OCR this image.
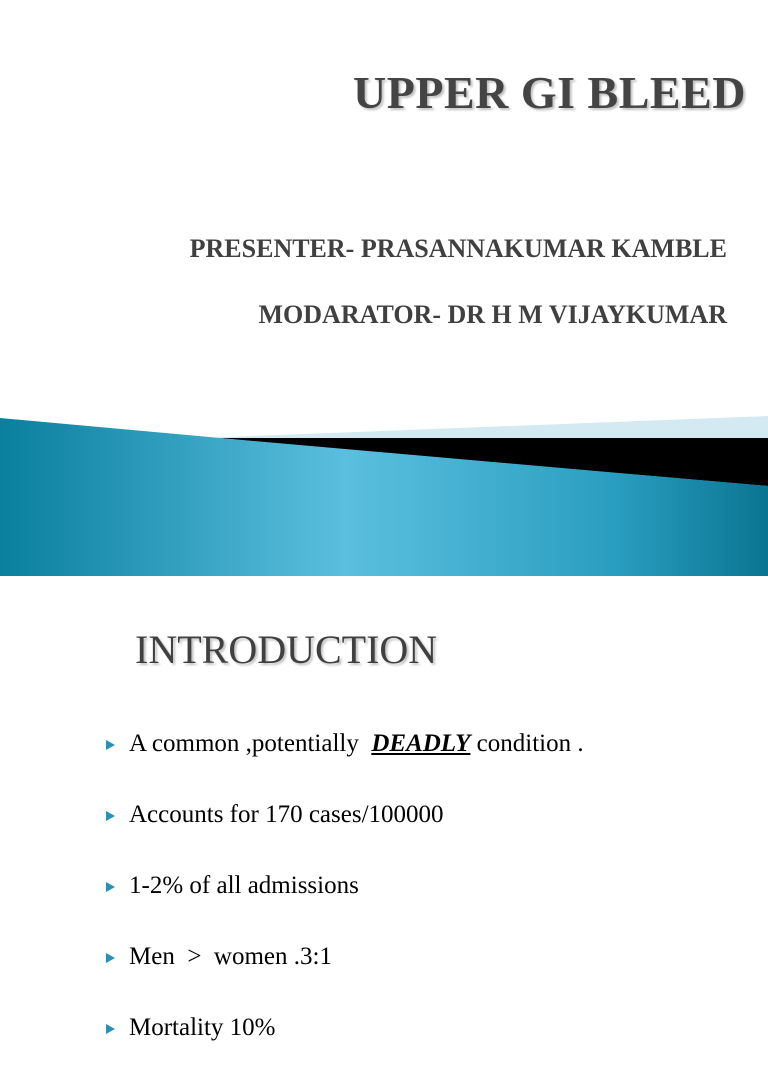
UPPER GI BLEED

PRESENTER- PRASANNAKUMAR KAMBLE

MODARATOR- DR H M VIJAYKUMAR

INTRODUCTION
A common ,potentially  DEADLY condition .
Accounts for 170 cases/100000
1-2% of all admissions
Men  >  women .3:1
Mortality 10%
